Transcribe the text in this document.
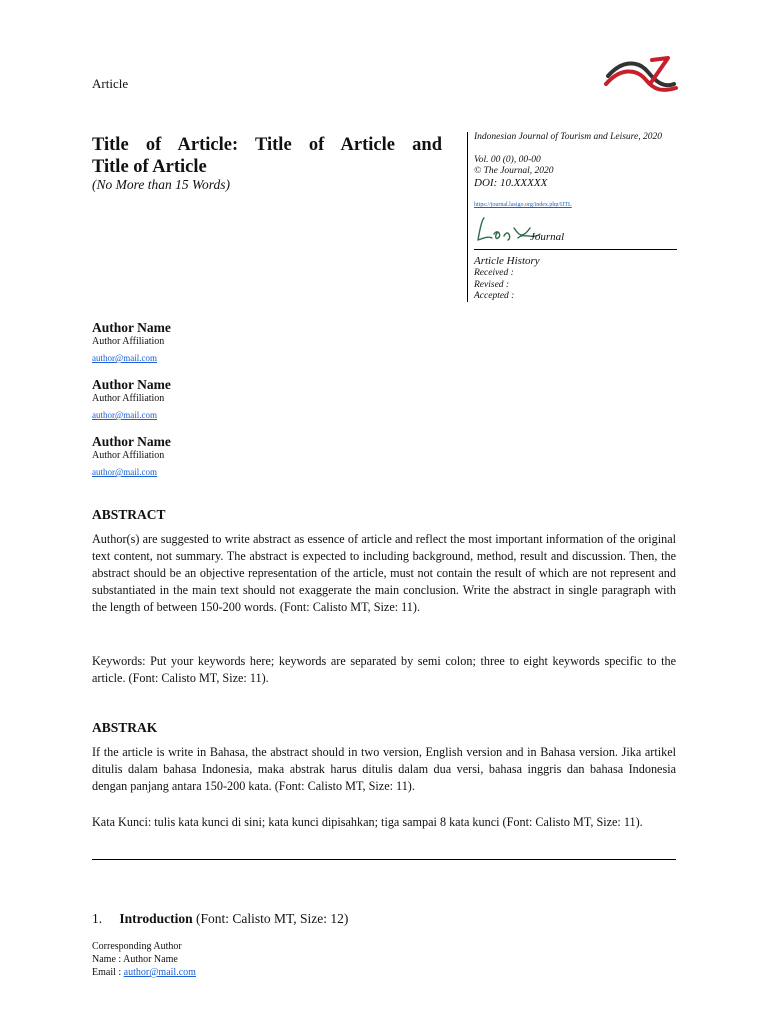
Article
Title of Article: Title of Article and
Title of Article
(No More than 15 Words)
Indonesian Journal of Tourism and Leisure, 2020
Vol. 00 (0), 00-00
© The Journal, 2020
DOI: 10.XXXXX
https://journal.lasigo.org/index.php/IJTL
Journal
Article History
Received :
Revised :
Accepted :
Author Name
Author Affiliation
author@mail.com
Author Name
Author Affiliation
author@mail.com
Author Name
Author Affiliation
author@mail.com
ABSTRACT
Author(s) are suggested to write abstract as essence of article and reflect the most important information of the original text content, not summary. The abstract is expected to including background, method, result and discussion. Then, the abstract should be an objective representation of the article, must not contain the result of which are not represent and substantiated in the main text should not exaggerate the main conclusion. Write the abstract in single paragraph with the length of between 150-200 words. (Font: Calisto MT, Size: 11).
Keywords: Put your keywords here; keywords are separated by semi colon; three to eight keywords specific to the article. (Font: Calisto MT, Size: 11).
ABSTRAK
If the article is write in Bahasa, the abstract should in two version, English version and in Bahasa version. Jika artikel ditulis dalam bahasa Indonesia, maka abstrak harus ditulis dalam dua versi, bahasa inggris dan bahasa Indonesia dengan panjang antara 150-200 kata. (Font: Calisto MT, Size: 11).
Kata Kunci: tulis kata kunci di sini; kata kunci dipisahkan; tiga sampai 8 kata kunci (Font: Calisto MT, Size: 11).
1. Introduction (Font: Calisto MT, Size: 12)
Corresponding Author
Name : Author Name
Email : author@mail.com
